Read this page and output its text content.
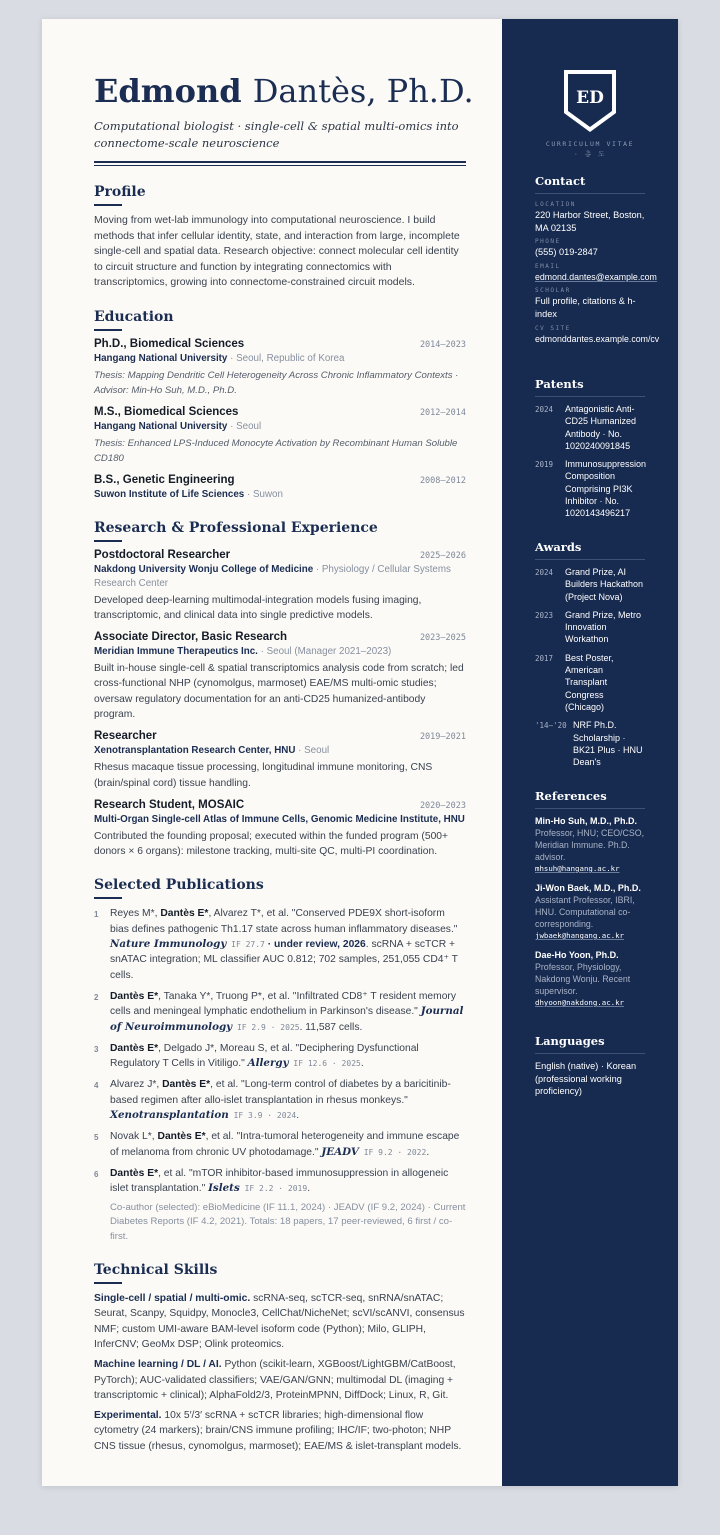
Edmond Dantès, Ph.D.
Computational biologist · single-cell & spatial multi-omics into connectome-scale neuroscience
Profile

Moving from wet-lab immunology into computational neuroscience. I build methods that infer cellular identity, state, and interaction from large, incomplete single-cell and spatial data. Research objective: connect molecular cell identity to circuit structure and function by integrating connectomics with transcriptomics, growing into connectome-constrained circuit models.

Education
Ph.D., Biomedical Sciences	2014–2023
Hangang National University · Seoul, Republic of Korea
Thesis: Mapping Dendritic Cell Heterogeneity Across Chronic Inflammatory Contexts · Advisor: Min-Ho Suh, M.D., Ph.D.
M.S., Biomedical Sciences	2012–2014
Hangang National University · Seoul
Thesis: Enhanced LPS-Induced Monocyte Activation by Recombinant Human Soluble CD180
B.S., Genetic Engineering	2008–2012
Suwon Institute of Life Sciences · Suwon
Research & Professional Experience
Postdoctoral Researcher	2025–2026
Nakdong University Wonju College of Medicine · Physiology / Cellular Systems Research Center
Developed deep-learning multimodal-integration models fusing imaging, transcriptomic, and clinical data into single predictive models.
Associate Director, Basic Research	2023–2025
Meridian Immune Therapeutics Inc. · Seoul (Manager 2021–2023)
Built in-house single-cell & spatial transcriptomics analysis code from scratch; led cross-functional NHP (cynomolgus, marmoset) EAE/MS multi-omic studies; oversaw regulatory documentation for an anti-CD25 humanized-antibody program.
Researcher	2019–2021
Xenotransplantation Research Center, HNU · Seoul
Rhesus macaque tissue processing, longitudinal immune monitoring, CNS (brain/spinal cord) tissue handling.
Research Student, MOSAIC	2020–2023
Multi-Organ Single-cell Atlas of Immune Cells, Genomic Medicine Institute, HNU
Contributed the founding proposal; executed within the funded program (500+ donors × 6 organs): milestone tracking, multi-site QC, multi-PI coordination.
Selected Publications
1 Reyes M*, Dantès E*, Alvarez T*, et al. "Conserved PDE9X short-isoform bias defines pathogenic Th1.17 state across human inflammatory diseases." Nature Immunology IF 27.7 · under review, 2026. scRNA + scTCR + snATAC integration; ML classifier AUC 0.812; 702 samples, 251,055 CD4⁺ T cells.
2 Dantès E*, Tanaka Y*, Truong P*, et al. "Infiltrated CD8⁺ T resident memory cells and meningeal lymphatic endothelium in Parkinson's disease." Journal of Neuroimmunology IF 2.9 · 2025. 11,587 cells.
3 Dantès E*, Delgado J*, Moreau S, et al. "Deciphering Dysfunctional Regulatory T Cells in Vitiligo." Allergy IF 12.6 · 2025.
4 Alvarez J*, Dantès E*, et al. "Long-term control of diabetes by a baricitinib-based regimen after allo-islet transplantation in rhesus monkeys." Xenotransplantation IF 3.9 · 2024.
5 Novak L*, Dantès E*, et al. "Intra-tumoral heterogeneity and immune escape of melanoma from chronic UV photodamage." JEADV IF 9.2 · 2022.
6 Dantès E*, et al. "mTOR inhibitor-based immunosuppression in allogeneic islet transplantation." Islets IF 2.2 · 2019.
Co-author (selected): eBioMedicine (IF 11.1, 2024) · JEADV (IF 9.2, 2024) · Current Diabetes Reports (IF 4.2, 2021). Totals: 18 papers, 17 peer-reviewed, 6 first / co-first.
Technical Skills
Single-cell / spatial / multi-omic. scRNA-seq, scTCR-seq, snRNA/snATAC; Seurat, Scanpy, Squidpy, Monocle3, CellChat/NicheNet; scVI/scANVI, consensus NMF; custom UMI-aware BAM-level isoform code (Python); Milo, GLIPH, InferCNV; GeoMx DSP; Olink proteomics.
Machine learning / DL / AI. Python (scikit-learn, XGBoost/LightGBM/CatBoost, PyTorch); AUC-validated classifiers; VAE/GAN/GNN; multimodal DL (imaging + transcriptomic + clinical); AlphaFold2/3, ProteinMPNN, DiffDock; Linux, R, Git.
Experimental. 10x 5′/3′ scRNA + scTCR libraries; high-dimensional flow cytometry (24 markers); brain/CNS immune profiling; IHC/IF; two-photon; NHP CNS tissue (rhesus, cynomolgus, marmoset); EAE/MS & islet-transplant models.
ED
CURRICULUM VITAE
· 총 도
Contact
LOCATION
220 Harbor Street, Boston, MA 02135
PHONE
(555) 019-2847
EMAIL
edmond.dantes@example.com
SCHOLAR
Full profile, citations & h-index
CV SITE
edmonddantes.example.com/cv
Patents
2024	Antagonistic Anti-CD25 Humanized Antibody · No. 1020240091845
2019	Immunosuppression Composition Comprising PI3K Inhibitor · No. 1020143496217
Awards
2024	Grand Prize, AI Builders Hackathon (Project Nova)
2023	Grand Prize, Metro Innovation Workathon
2017	Best Poster, American Transplant Congress (Chicago)
'14–'20 NRF Ph.D. Scholarship · BK21 Plus · HNU Dean's
References
Min-Ho Suh, M.D., Ph.D.
Professor, HNU; CEO/CSO, Meridian Immune. Ph.D. advisor.
mhsuh@hangang.ac.kr
Ji-Won Baek, M.D., Ph.D.
Assistant Professor, IBRI, HNU. Computational co-corresponding.
jwbaek@hangang.ac.kr
Dae-Ho Yoon, Ph.D.
Professor, Physiology, Nakdong Wonju. Recent supervisor.
dhyoon@nakdong.ac.kr
Languages
English (native) · Korean (professional working proficiency)
